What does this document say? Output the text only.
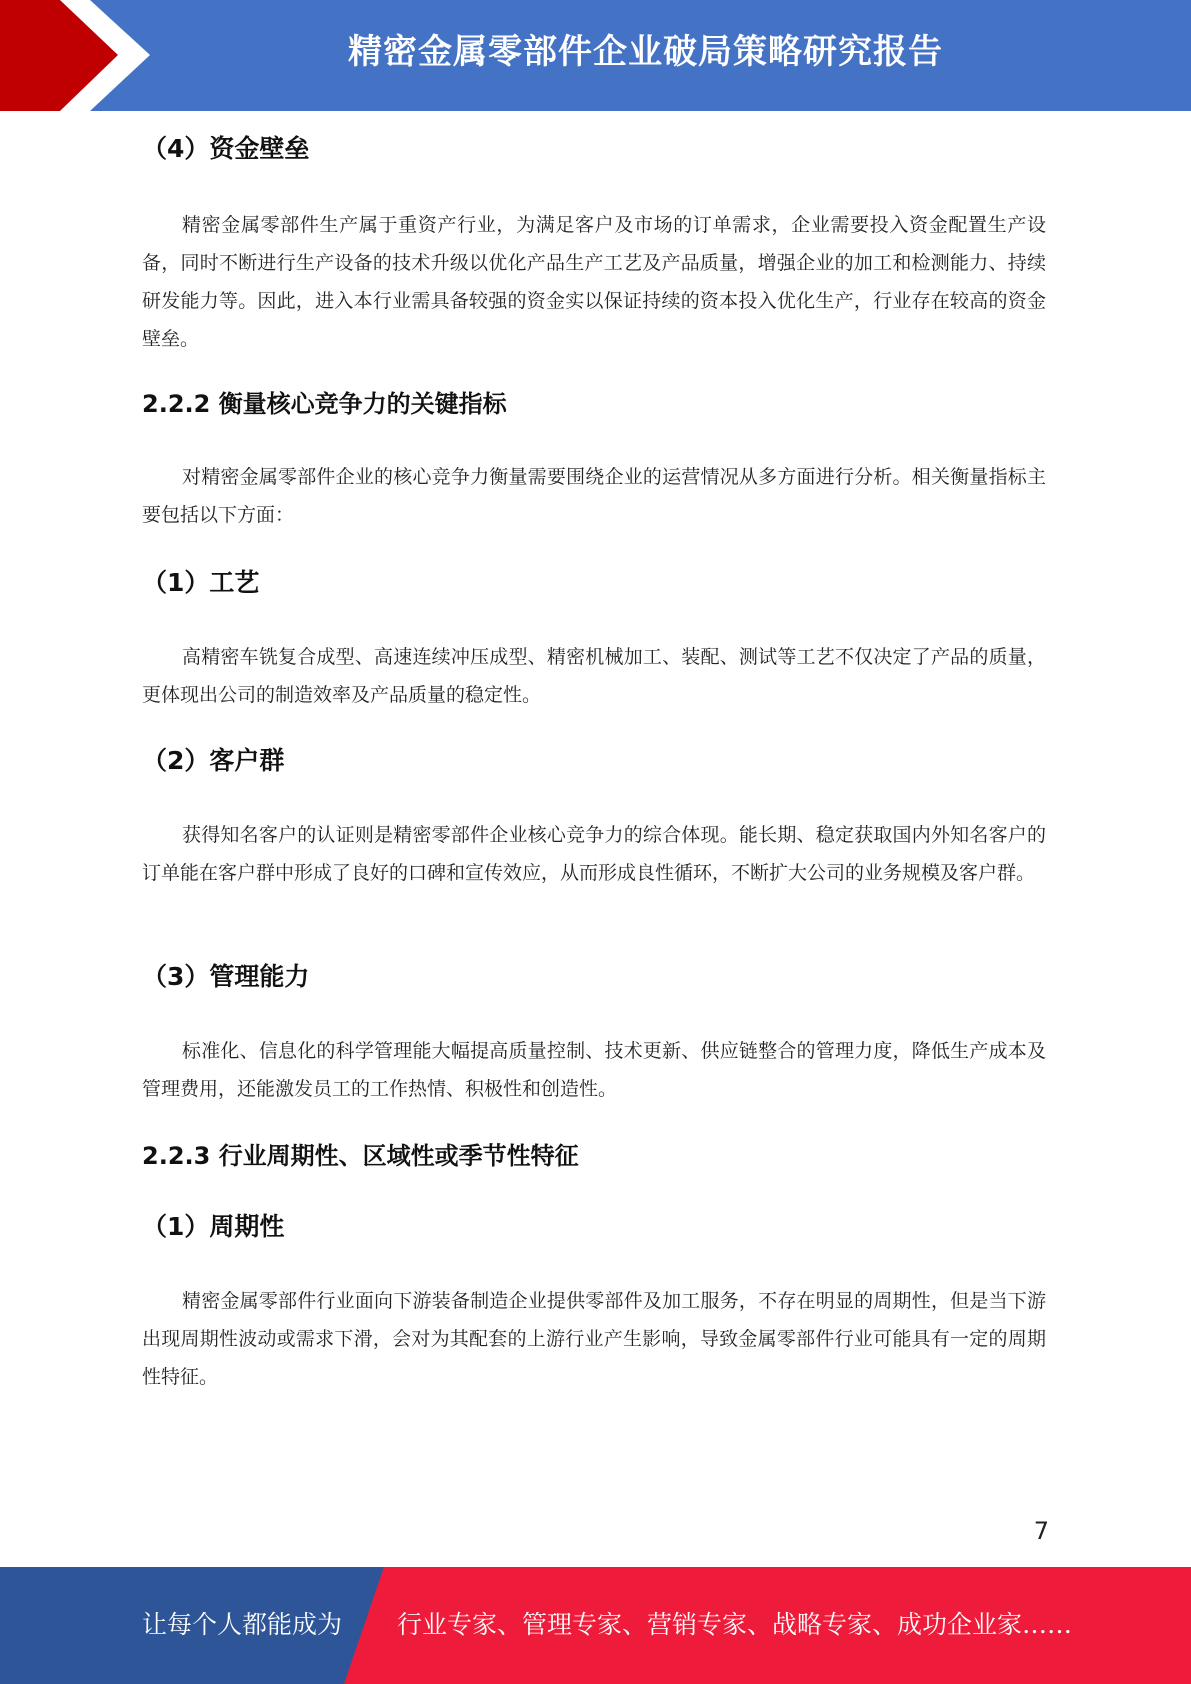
精密金属零部件企业破局策略研究报告
（4）资金壁垒

精密金属零部件生产属于重资产行业，为满足客户及市场的订单需求，企业需要投入资金配置生产设备，同时不断进行生产设备的技术升级以优化产品生产工艺及产品质量，增强企业的加工和检测能力、持续研发能力等。因此，进入本行业需具备较强的资金实以保证持续的资本投入优化生产，行业存在较高的资金壁垒。

2.2.2 衡量核心竞争力的关键指标

对精密金属零部件企业的核心竞争力衡量需要围绕企业的运营情况从多方面进行分析。相关衡量指标主要包括以下方面：

（1）工艺

高精密车铣复合成型、高速连续冲压成型、精密机械加工、装配、测试等工艺不仅决定了产品的质量，更体现出公司的制造效率及产品质量的稳定性。

（2）客户群

获得知名客户的认证则是精密零部件企业核心竞争力的综合体现。能长期、稳定获取国内外知名客户的订单能在客户群中形成了良好的口碑和宣传效应，从而形成良性循环，不断扩大公司的业务规模及客户群。

（3）管理能力

标准化、信息化的科学管理能大幅提高质量控制、技术更新、供应链整合的管理力度，降低生产成本及管理费用，还能激发员工的工作热情、积极性和创造性。

2.2.3 行业周期性、区域性或季节性特征
（1）周期性

精密金属零部件行业面向下游装备制造企业提供零部件及加工服务，不存在明显的周期性，但是当下游出现周期性波动或需求下滑，会对为其配套的上游行业产生影响，导致金属零部件行业可能具有一定的周期性特征。

7
让每个人都能成为 行业专家、管理专家、营销专家、战略专家、成功企业家……
